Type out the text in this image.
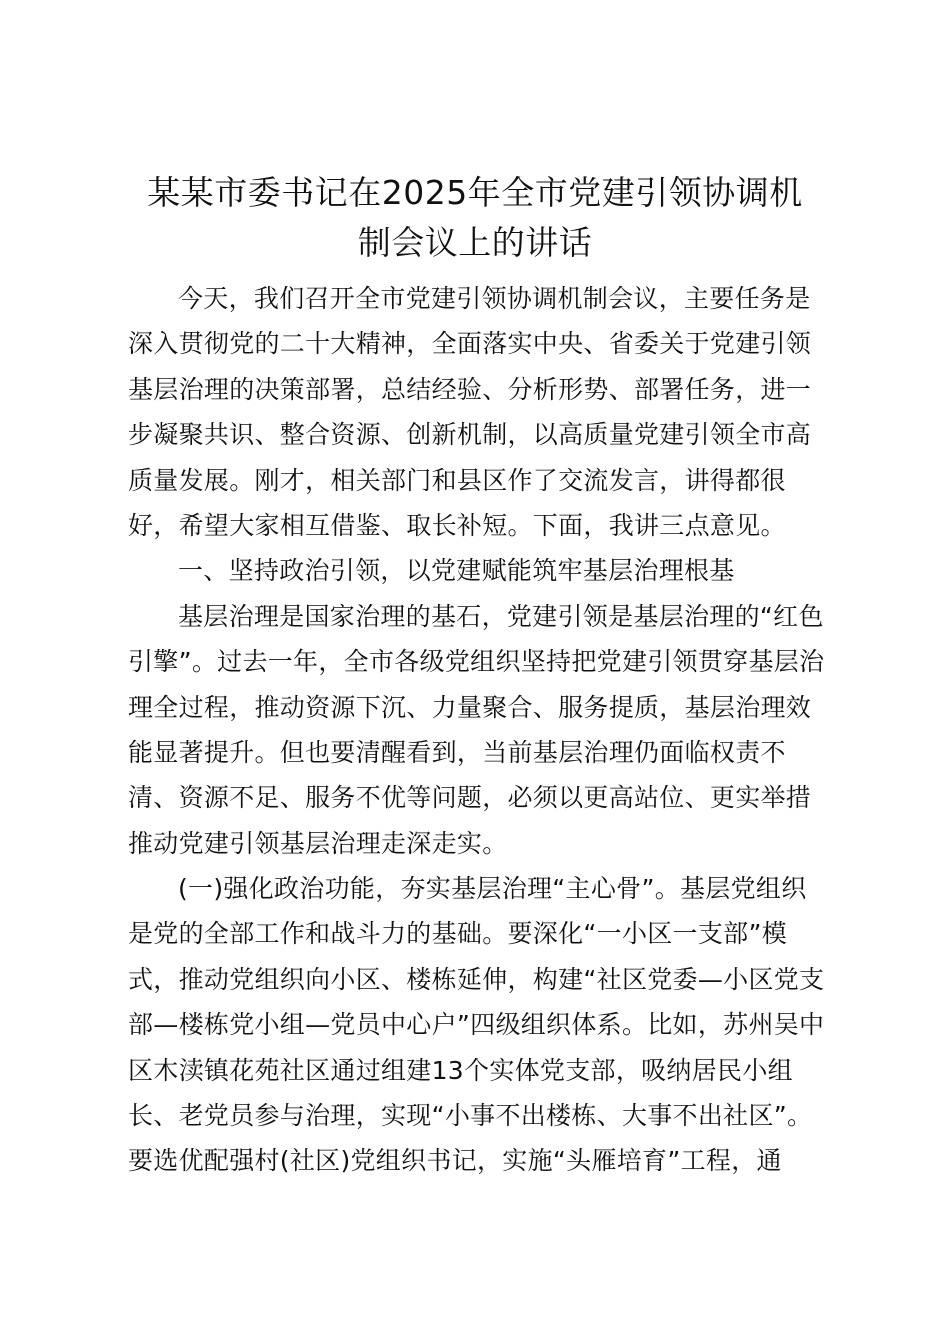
某某市委书记在2025年全市党建引领协调机
制会议上的讲话
今天，我们召开全市党建引领协调机制会议，主要任务是
深入贯彻党的二十大精神，全面落实中央、省委关于党建引领
基层治理的决策部署，总结经验、分析形势、部署任务，进一
步凝聚共识、整合资源、创新机制，以高质量党建引领全市高
质量发展。刚才，相关部门和县区作了交流发言，讲得都很
好，希望大家相互借鉴、取长补短。下面，我讲三点意见。
一、坚持政治引领，以党建赋能筑牢基层治理根基
基层治理是国家治理的基石，党建引领是基层治理的“红色
引擎”。过去一年，全市各级党组织坚持把党建引领贯穿基层治
理全过程，推动资源下沉、力量聚合、服务提质，基层治理效
能显著提升。但也要清醒看到，当前基层治理仍面临权责不
清、资源不足、服务不优等问题，必须以更高站位、更实举措
推动党建引领基层治理走深走实。
(一)强化政治功能，夯实基层治理“主心骨”。基层党组织
是党的全部工作和战斗力的基础。要深化“一小区一支部”模
式，推动党组织向小区、楼栋延伸，构建“社区党委—小区党支
部—楼栋党小组—党员中心户”四级组织体系。比如，苏州吴中
区木渎镇花苑社区通过组建13个实体党支部，吸纳居民小组
长、老党员参与治理，实现“小事不出楼栋、大事不出社区”。
要选优配强村(社区)党组织书记，实施“头雁培育”工程，通
